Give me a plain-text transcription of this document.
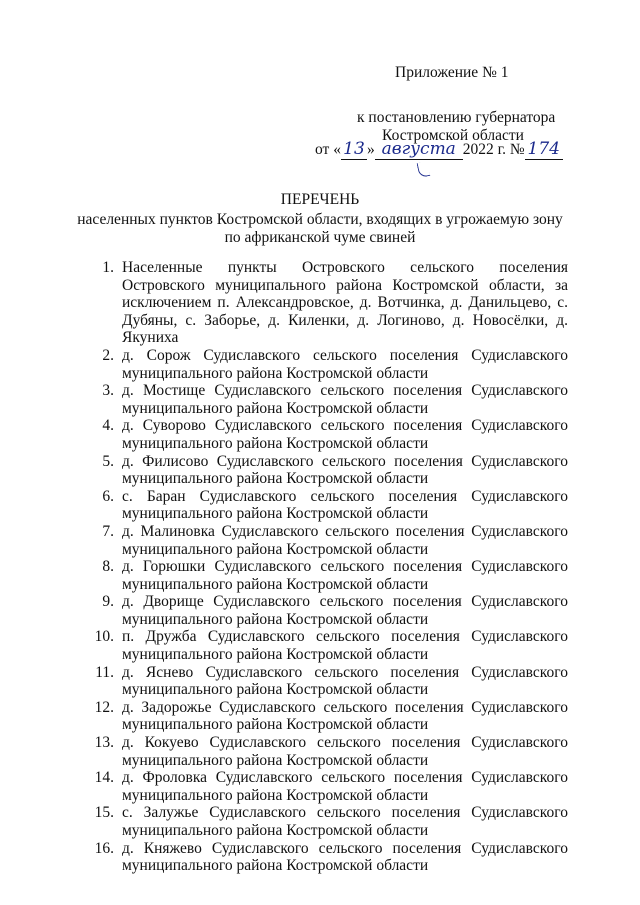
Приложение № 1
к постановлению губернатора
Костромской области
от « 13 » августа 2022 г. № 174
ПЕРЕЧЕНЬ
населенных пунктов Костромской области, входящих в угрожаемую зону по африканской чуме свиней
1. Населенные пункты Островского сельского поселения Островского муниципального района Костромской области, за исключением п. Александровское, д. Вотчинка, д. Данильцево, с. Дубяны, с. Заборье, д. Киленки, д. Логиново, д. Новосёлки, д. Якуниха
2. д. Сорож Судиславского сельского поселения Судиславского муниципального района Костромской области
3. д. Мостище Судиславского сельского поселения Судиславского муниципального района Костромской области
4. д. Суворово Судиславского сельского поселения Судиславского муниципального района Костромской области
5. д. Филисово Судиславского сельского поселения Судиславского муниципального района Костромской области
6. с. Баран Судиславского сельского поселения Судиславского муниципального района Костромской области
7. д. Малиновка Судиславского сельского поселения Судиславского муниципального района Костромской области
8. д. Горюшки Судиславского сельского поселения Судиславского муниципального района Костромской области
9. д. Дворище Судиславского сельского поселения Судиславского муниципального района Костромской области
10. п. Дружба Судиславского сельского поселения Судиславского муниципального района Костромской области
11. д. Яснево Судиславского сельского поселения Судиславского муниципального района Костромской области
12. д. Задорожье Судиславского сельского поселения Судиславского муниципального района Костромской области
13. д. Кокуево Судиславского сельского поселения Судиславского муниципального района Костромской области
14. д. Фроловка Судиславского сельского поселения Судиславского муниципального района Костромской области
15. с. Залужье Судиславского сельского поселения Судиславского муниципального района Костромской области
16. д. Княжево Судиславского сельского поселения Судиславского муниципального района Костромской области
